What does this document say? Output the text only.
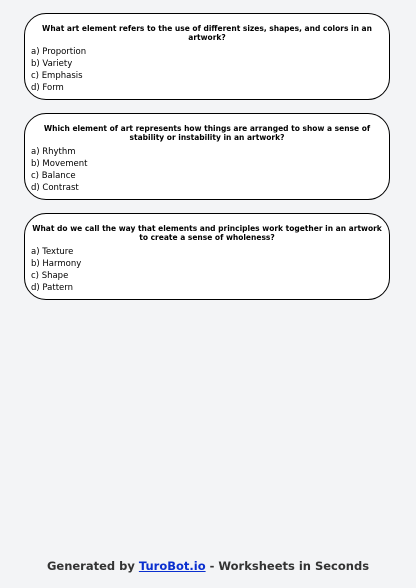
What art element refers to the use of different sizes, shapes, and colors in an artwork?
a) Proportion
b) Variety
c) Emphasis
d) Form
Which element of art represents how things are arranged to show a sense of stability or instability in an artwork?
a) Rhythm
b) Movement
c) Balance
d) Contrast
What do we call the way that elements and principles work together in an artwork to create a sense of wholeness?
a) Texture
b) Harmony
c) Shape
d) Pattern
Generated by TuroBot.io - Worksheets in Seconds
